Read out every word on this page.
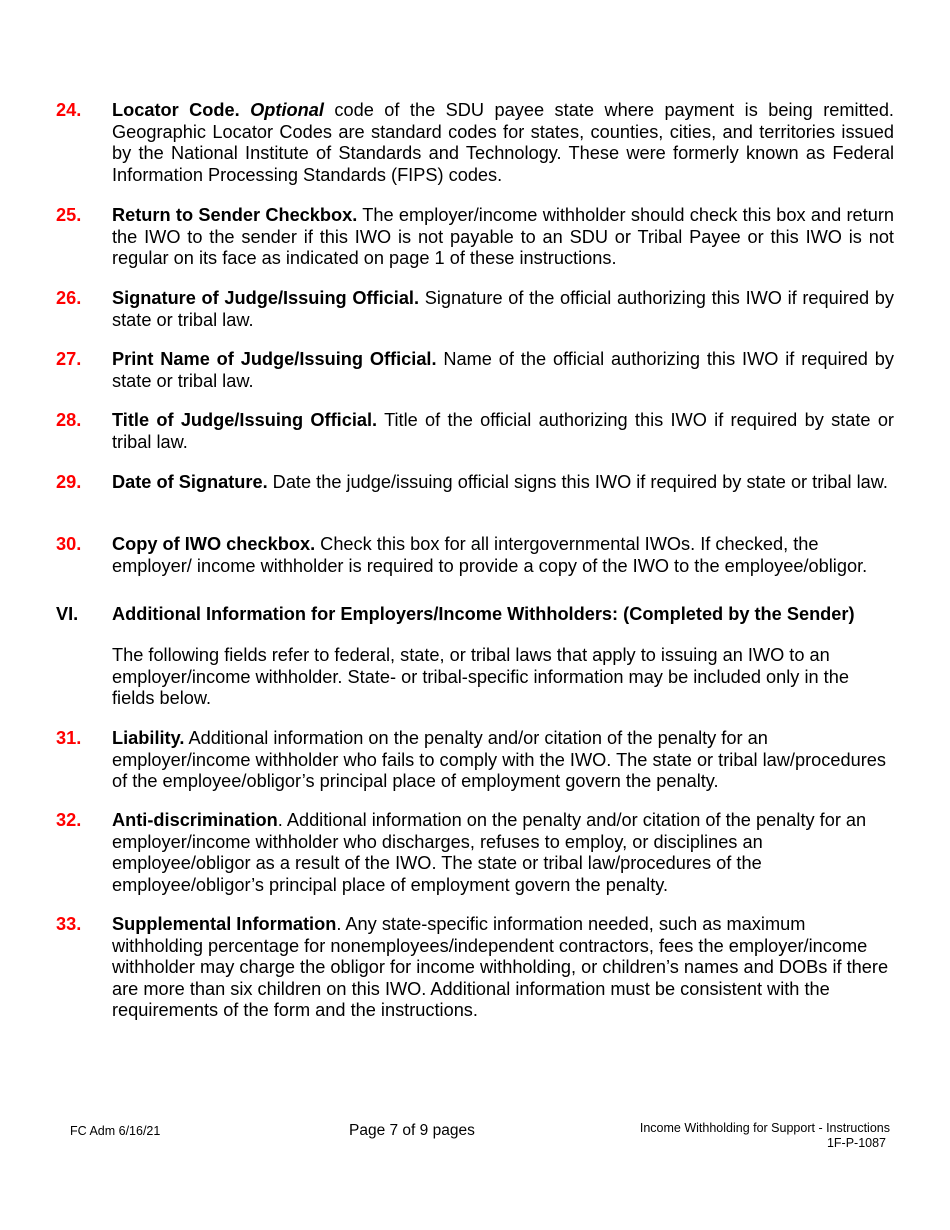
24. Locator Code. Optional code of the SDU payee state where payment is being remitted. Geographic Locator Codes are standard codes for states, counties, cities, and territories issued by the National Institute of Standards and Technology. These were formerly known as Federal Information Processing Standards (FIPS) codes.
25. Return to Sender Checkbox. The employer/income withholder should check this box and return the IWO to the sender if this IWO is not payable to an SDU or Tribal Payee or this IWO is not regular on its face as indicated on page 1 of these instructions.
26. Signature of Judge/Issuing Official. Signature of the official authorizing this IWO if required by state or tribal law.
27. Print Name of Judge/Issuing Official. Name of the official authorizing this IWO if required by state or tribal law.
28. Title of Judge/Issuing Official. Title of the official authorizing this IWO if required by state or tribal law.
29. Date of Signature. Date the judge/issuing official signs this IWO if required by state or tribal law.
30. Copy of IWO checkbox. Check this box for all intergovernmental IWOs. If checked, the employer/ income withholder is required to provide a copy of the IWO to the employee/obligor.
VI. Additional Information for Employers/Income Withholders: (Completed by the Sender)
The following fields refer to federal, state, or tribal laws that apply to issuing an IWO to an employer/income withholder. State- or tribal-specific information may be included only in the fields below.
31. Liability. Additional information on the penalty and/or citation of the penalty for an employer/income withholder who fails to comply with the IWO. The state or tribal law/procedures of the employee/obligor’s principal place of employment govern the penalty.
32. Anti-discrimination. Additional information on the penalty and/or citation of the penalty for an employer/income withholder who discharges, refuses to employ, or disciplines an employee/obligor as a result of the IWO. The state or tribal law/procedures of the employee/obligor’s principal place of employment govern the penalty.
33. Supplemental Information. Any state-specific information needed, such as maximum withholding percentage for nonemployees/independent contractors, fees the employer/income withholder may charge the obligor for income withholding, or children’s names and DOBs if there are more than six children on this IWO. Additional information must be consistent with the requirements of the form and the instructions.
FC Adm 6/16/21	Page 7 of 9 pages	Income Withholding for Support - Instructions
1F-P-1087
